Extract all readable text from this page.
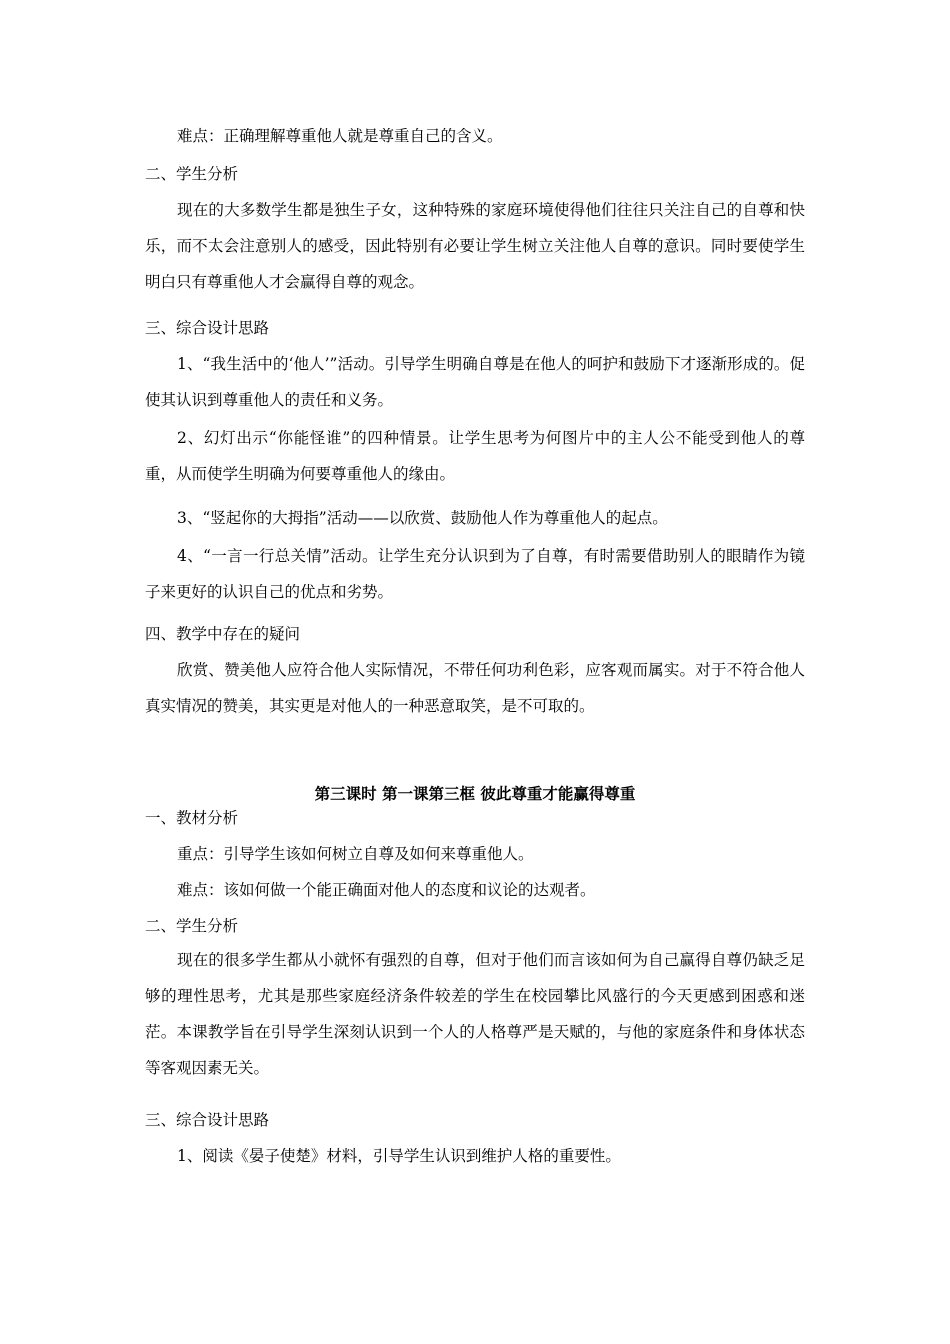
难点：正确理解尊重他人就是尊重自己的含义。

二、学生分析

现在的大多数学生都是独生子女，这种特殊的家庭环境使得他们往往只关注自己的自尊和快乐，而不太会注意别人的感受，因此特别有必要让学生树立关注他人自尊的意识。同时要使学生明白只有尊重他人才会赢得自尊的观念。

三、综合设计思路

1、“我生活中的‘他人’”活动。引导学生明确自尊是在他人的呵护和鼓励下才逐渐形成的。促使其认识到尊重他人的责任和义务。

2、幻灯出示“你能怪谁”的四种情景。让学生思考为何图片中的主人公不能受到他人的尊重，从而使学生明确为何要尊重他人的缘由。

3、“竖起你的大拇指”活动——以欣赏、鼓励他人作为尊重他人的起点。

4、“一言一行总关情”活动。让学生充分认识到为了自尊，有时需要借助别人的眼睛作为镜子来更好的认识自己的优点和劣势。

四、教学中存在的疑问

欣赏、赞美他人应符合他人实际情况，不带任何功利色彩，应客观而属实。对于不符合他人真实情况的赞美，其实更是对他人的一种恶意取笑，是不可取的。

第三课时 第一课第三框 彼此尊重才能赢得尊重

一、教材分析

重点：引导学生该如何树立自尊及如何来尊重他人。

难点：该如何做一个能正确面对他人的态度和议论的达观者。

二、学生分析

现在的很多学生都从小就怀有强烈的自尊，但对于他们而言该如何为自己赢得自尊仍缺乏足够的理性思考，尤其是那些家庭经济条件较差的学生在校园攀比风盛行的今天更感到困惑和迷茫。本课教学旨在引导学生深刻认识到一个人的人格尊严是天赋的，与他的家庭条件和身体状态等客观因素无关。

三、综合设计思路

1、阅读《晏子使楚》材料，引导学生认识到维护人格的重要性。
